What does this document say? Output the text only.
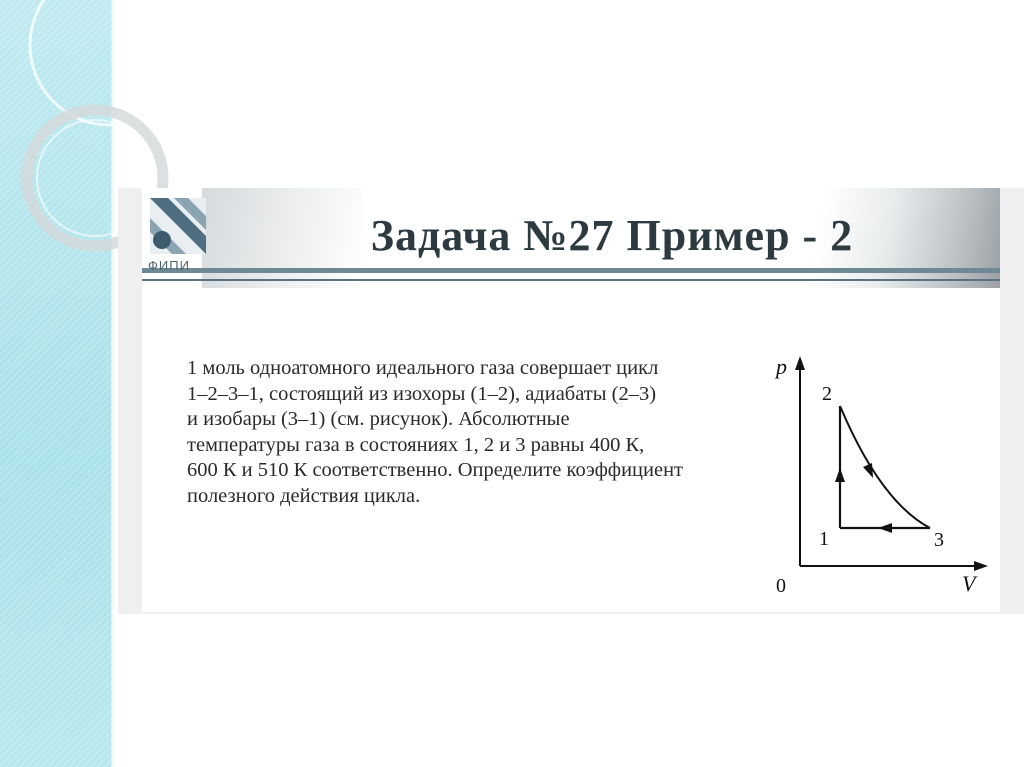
ФИПИ
Задача №27 Пример - 2
1 моль одноатомного идеального газа совершает цикл
1–2–3–1, состоящий из изохоры (1–2), адиабаты (2–3)
и изобары (3–1) (см. рисунок). Абсолютные
температуры газа в состояниях 1, 2 и 3 равны 400 К,
600 К и 510 К соответственно. Определите коэффициент
полезного действия цикла.
p
V
0
2
1	3
